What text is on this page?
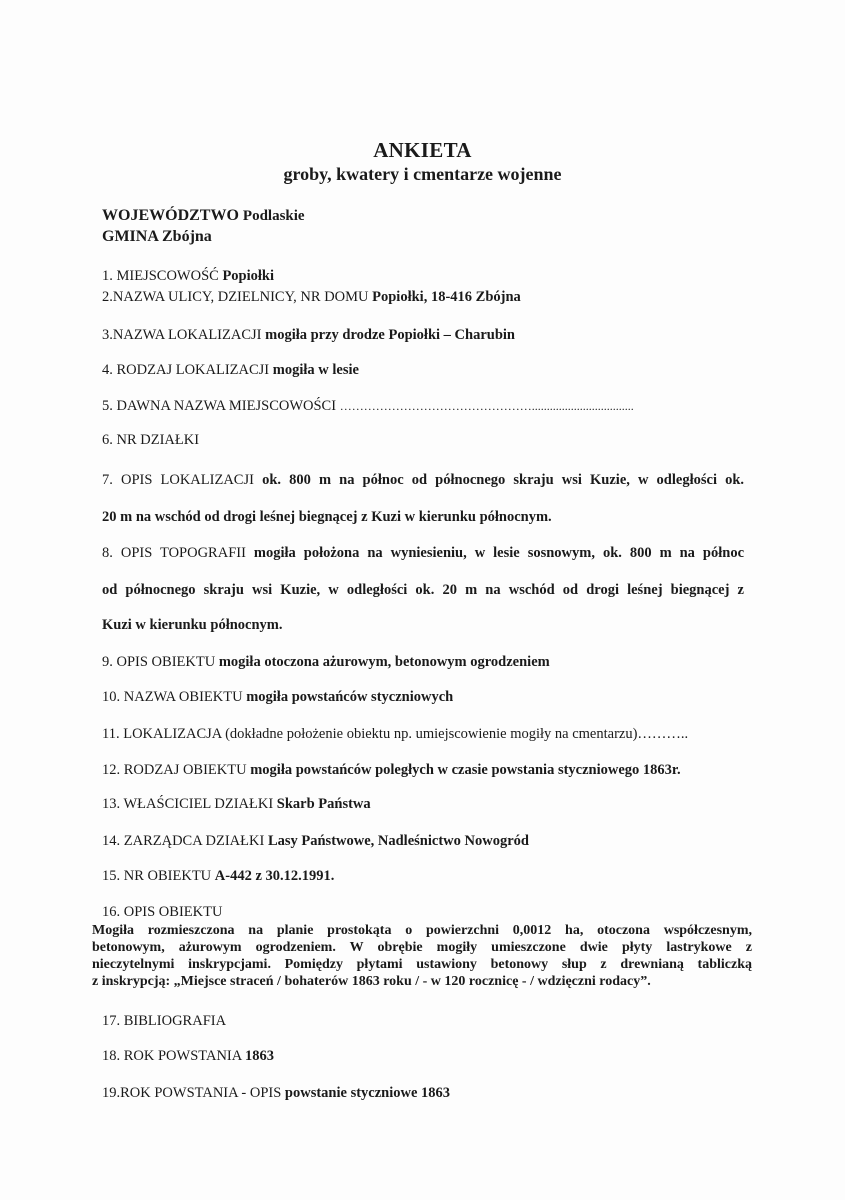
ANKIETA
groby, kwatery i cmentarze wojenne
WOJEWÓDZTWO Podlaskie
GMINA Zbójna
1. MIEJSCOWOŚĆ Popiołki
2.NAZWA ULICY, DZIELNICY, NR DOMU Popiołki, 18-416 Zbójna
3.NAZWA LOKALIZACJI mogiła przy drodze Popiołki – Charubin
4. RODZAJ LOKALIZACJI mogiła w lesie
5. DAWNA NAZWA MIEJSCOWOŚCI …………………………………………..................................
6. NR DZIAŁKI
7. OPIS LOKALIZACJI ok. 800 m na północ od północnego skraju wsi Kuzie, w odległości ok.
20 m na wschód od drogi leśnej biegnącej z Kuzi w kierunku północnym.
8. OPIS TOPOGRAFII mogiła położona na wyniesieniu, w lesie sosnowym, ok. 800 m na północ
od północnego skraju wsi Kuzie, w odległości ok. 20 m na wschód od drogi leśnej biegnącej z
Kuzi w kierunku północnym.
9. OPIS OBIEKTU mogiła otoczona ażurowym, betonowym ogrodzeniem
10. NAZWA OBIEKTU mogiła powstańców styczniowych
11. LOKALIZACJA (dokładne położenie obiektu np. umiejscowienie mogiły na cmentarzu)………..
12. RODZAJ OBIEKTU mogiła powstańców poległych w czasie powstania styczniowego 1863r.
13. WŁAŚCICIEL DZIAŁKI Skarb Państwa
14. ZARZĄDCA DZIAŁKI Lasy Państwowe, Nadleśnictwo Nowogród
15. NR OBIEKTU A-442 z 30.12.1991.
16. OPIS OBIEKTU
Mogiła rozmieszczona na planie prostokąta o powierzchni 0,0012 ha, otoczona współczesnym,
betonowym, ażurowym ogrodzeniem. W obrębie mogiły umieszczone dwie płyty lastrykowe z
nieczytelnymi inskrypcjami. Pomiędzy płytami ustawiony betonowy słup z drewnianą tabliczką
z inskrypcją: „Miejsce straceń / bohaterów 1863 roku / - w 120 rocznicę - / wdzięczni rodacy”.
17. BIBLIOGRAFIA
18. ROK POWSTANIA 1863
19.ROK POWSTANIA - OPIS powstanie styczniowe 1863
